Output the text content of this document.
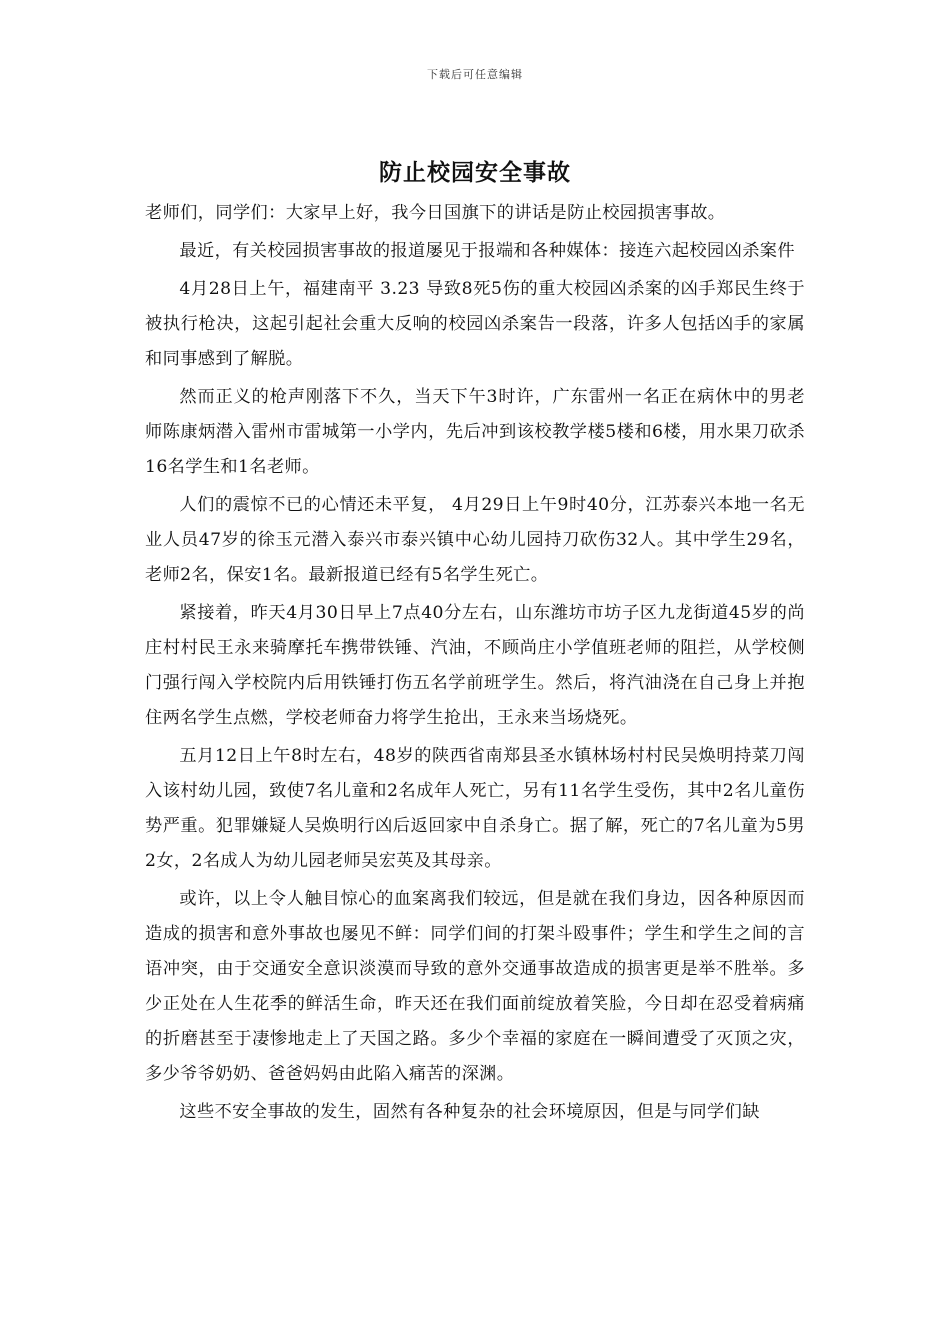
下载后可任意编辑
防止校园安全事故

老师们，同学们：大家早上好，我今日国旗下的讲话是防止校园损害事故。

最近，有关校园损害事故的报道屡见于报端和各种媒体：接连六起校园凶杀案件

4月28日上午，福建南平 3.23 导致8死5伤的重大校园凶杀案的凶手郑民生终于被执行枪决，这起引起社会重大反响的校园凶杀案告一段落，许多人包括凶手的家属和同事感到了解脱。

然而正义的枪声刚落下不久，当天下午3时许，广东雷州一名正在病休中的男老师陈康炳潜入雷州市雷城第一小学内，先后冲到该校教学楼5楼和6楼，用水果刀砍杀16名学生和1名老师。

人们的震惊不已的心情还未平复， 4月29日上午9时40分，江苏泰兴本地一名无业人员47岁的徐玉元潜入泰兴市泰兴镇中心幼儿园持刀砍伤32人。其中学生29名，老师2名，保安1名。最新报道已经有5名学生死亡。

紧接着，昨天4月30日早上7点40分左右，山东潍坊市坊子区九龙街道45岁的尚庄村村民王永来骑摩托车携带铁锤、汽油，不顾尚庄小学值班老师的阻拦，从学校侧门强行闯入学校院内后用铁锤打伤五名学前班学生。然后，将汽油浇在自己身上并抱住两名学生点燃，学校老师奋力将学生抢出，王永来当场烧死。

五月12日上午8时左右，48岁的陕西省南郑县圣水镇林场村村民吴焕明持菜刀闯入该村幼儿园，致使7名儿童和2名成年人死亡，另有11名学生受伤，其中2名儿童伤势严重。犯罪嫌疑人吴焕明行凶后返回家中自杀身亡。据了解，死亡的7名儿童为5男2女，2名成人为幼儿园老师吴宏英及其母亲。

或许，以上令人触目惊心的血案离我们较远，但是就在我们身边，因各种原因而造成的损害和意外事故也屡见不鲜：同学们间的打架斗殴事件；学生和学生之间的言语冲突，由于交通安全意识淡漠而导致的意外交通事故造成的损害更是举不胜举。多少正处在人生花季的鲜活生命，昨天还在我们面前绽放着笑脸，今日却在忍受着病痛的折磨甚至于凄惨地走上了天国之路。多少个幸福的家庭在一瞬间遭受了灭顶之灾，多少爷爷奶奶、爸爸妈妈由此陷入痛苦的深渊。

这些不安全事故的发生，固然有各种复杂的社会环境原因，但是与同学们缺
